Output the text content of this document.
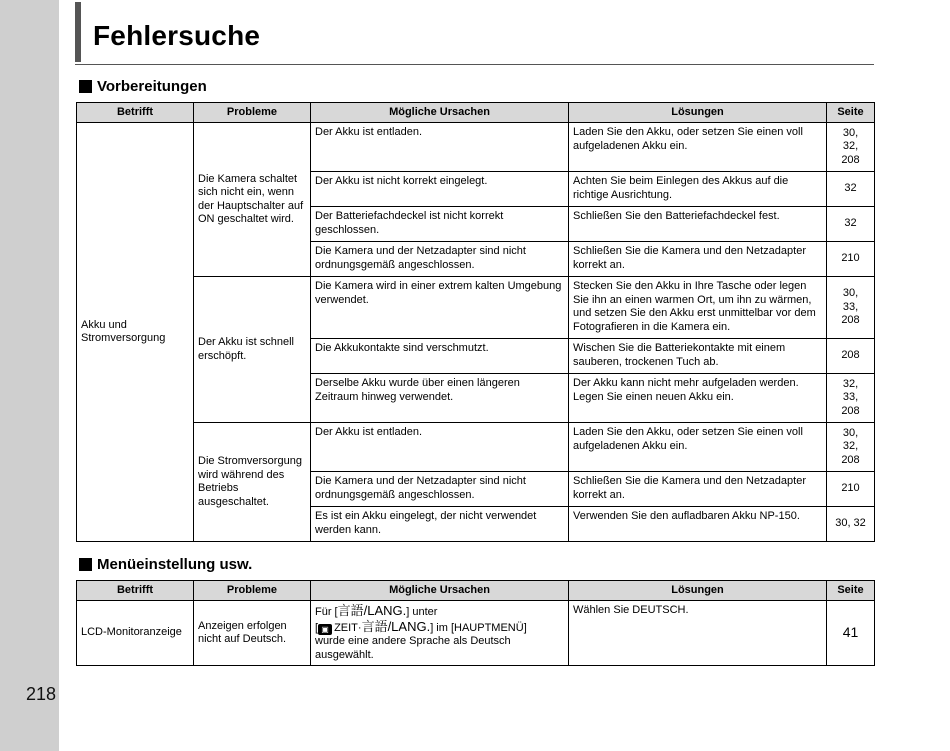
218
Fehlersuche
Vorbereitungen
Betrifft	Probleme	Mögliche Ursachen	Lösungen	Seite
Akku und Stromversorgung	Die Kamera schaltet sich nicht ein, wenn der Hauptschalter auf ON geschaltet wird.	Der Akku ist entladen.	Laden Sie den Akku, oder setzen Sie einen voll aufgeladenen Akku ein.	30,
32,
208
		Der Akku ist nicht korrekt eingelegt.	Achten Sie beim Einlegen des Akkus auf die richtige Ausrichtung.	32
		Der Batteriefachdeckel ist nicht korrekt geschlossen.	Schließen Sie den Batteriefachdeckel fest.	32
		Die Kamera und der Netzadapter sind nicht ordnungsgemäß angeschlossen.	Schließen Sie die Kamera und den Netzadapter korrekt an.	210
	Der Akku ist schnell erschöpft.	Die Kamera wird in einer extrem kalten Umgebung verwendet.	Stecken Sie den Akku in Ihre Tasche oder legen Sie ihn an einen warmen Ort, um ihn zu wärmen, und setzen Sie den Akku erst unmittelbar vor dem Fotografieren in die Kamera ein.	30,
33,
208
		Die Akkukontakte sind verschmutzt.	Wischen Sie die Batteriekontakte mit einem sauberen, trockenen Tuch ab.	208
		Derselbe Akku wurde über einen längeren Zeitraum hinweg verwendet.	Der Akku kann nicht mehr aufgeladen werden. Legen Sie einen neuen Akku ein.	32,
33,
208
	Die Stromversorgung wird während des Betriebs ausgeschaltet.	Der Akku ist entladen.	Laden Sie den Akku, oder setzen Sie einen voll aufgeladenen Akku ein.	30,
32,
208
		Die Kamera und der Netzadapter sind nicht ordnungsgemäß angeschlossen.	Schließen Sie die Kamera und den Netzadapter korrekt an.	210
		Es ist ein Akku eingelegt, der nicht verwendet werden kann.	Verwenden Sie den aufladbaren Akku NP-150.	30, 32
Menüeinstellung usw.
Betrifft	Probleme	Mögliche Ursachen	Lösungen	Seite
LCD-Monitoranzeige	Anzeigen erfolgen nicht auf Deutsch.	Für [言語/LANG.] unter
[ ▣ ZEIT·言語/LANG.] im [HAUPTMENÜ]
wurde eine andere Sprache als Deutsch ausgewählt.	Wählen Sie DEUTSCH.	41
